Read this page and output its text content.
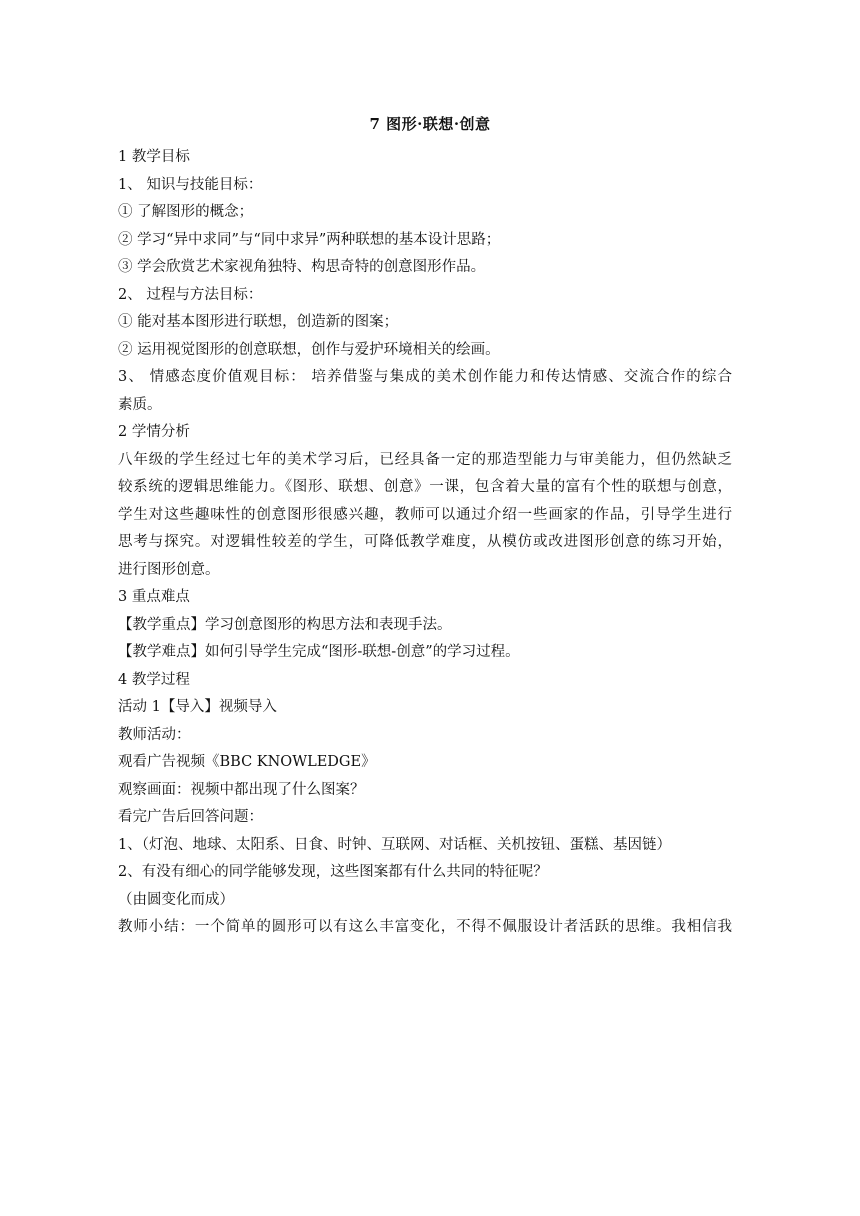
7 图形·联想·创意

1 教学目标

1、 知识与技能目标：

① 了解图形的概念；

② 学习“异中求同”与“同中求异”两种联想的基本设计思路；

③ 学会欣赏艺术家视角独特、构思奇特的创意图形作品。

2、 过程与方法目标：

① 能对基本图形进行联想，创造新的图案；

② 运用视觉图形的创意联想，创作与爱护环境相关的绘画。

3、 情感态度价值观目标： 培养借鉴与集成的美术创作能力和传达情感、交流合作的综合

素质。

2 学情分析

八年级的学生经过七年的美术学习后，已经具备一定的那造型能力与审美能力，但仍然缺乏

较系统的逻辑思维能力。《图形、联想、创意》一课，包含着大量的富有个性的联想与创意，

学生对这些趣味性的创意图形很感兴趣，教师可以通过介绍一些画家的作品，引导学生进行

思考与探究。对逻辑性较差的学生，可降低教学难度，从模仿或改进图形创意的练习开始，

进行图形创意。

3 重点难点

【教学重点】学习创意图形的构思方法和表现手法。

【教学难点】如何引导学生完成“图形-联想-创意”的学习过程。

4 教学过程

活动 1【导入】视频导入

教师活动：

观看广告视频《BBC KNOWLEDGE》

观察画面：视频中都出现了什么图案？

看完广告后回答问题：

1、（灯泡、地球、太阳系、日食、时钟、互联网、对话框、关机按钮、蛋糕、基因链）

2、有没有细心的同学能够发现，这些图案都有什么共同的特征呢？

（由圆变化而成）

教师小结：一个简单的圆形可以有这么丰富变化，不得不佩服设计者活跃的思维。我相信我
